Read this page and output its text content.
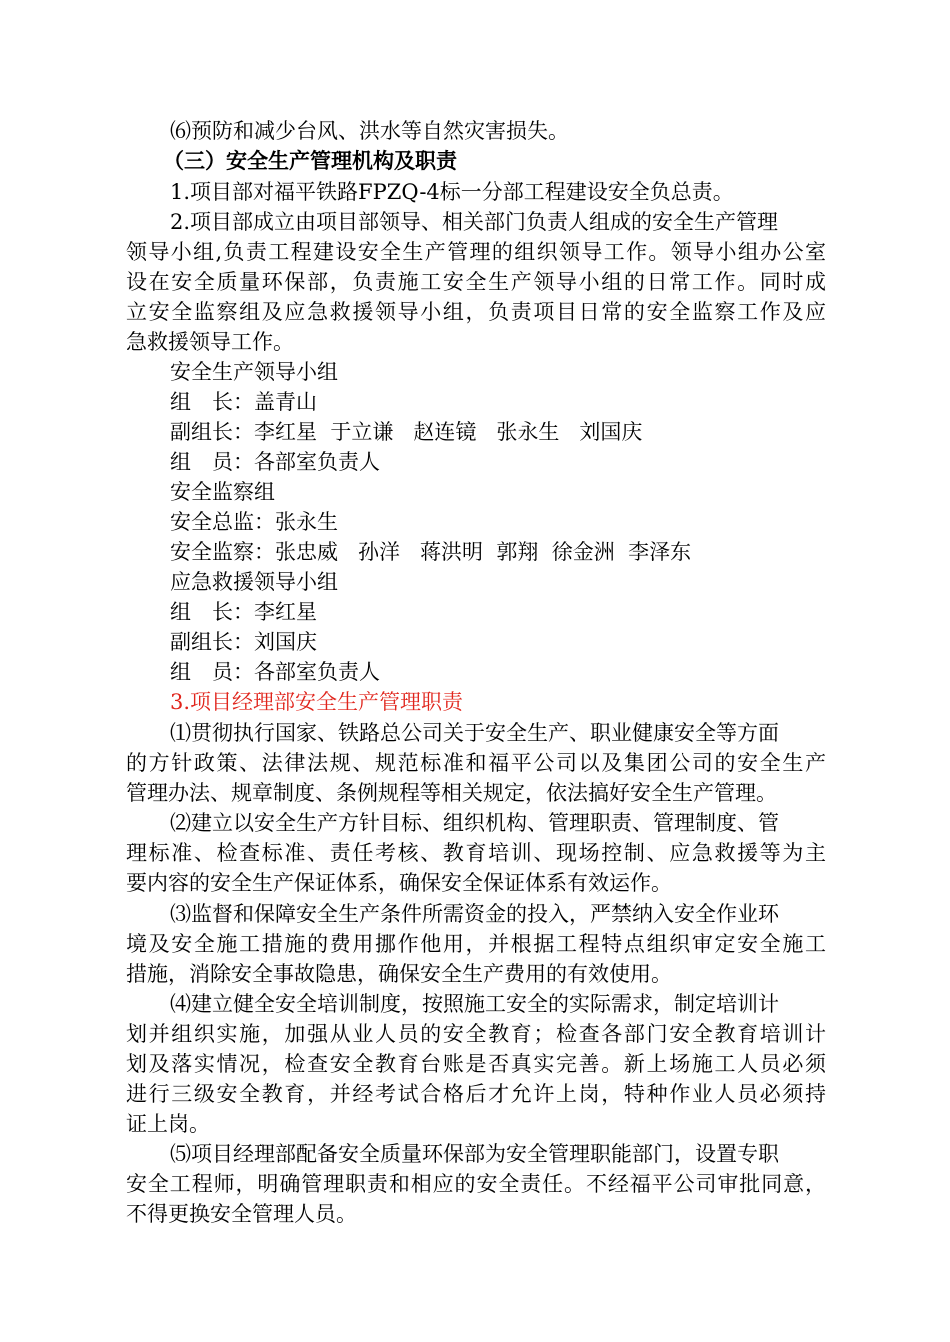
⑹预防和减少台风、洪水等自然灾害损失。
（三）安全生产管理机构及职责
1.项目部对福平铁路FPZQ-4标一分部工程建设安全负总责。
2.项目部成立由项目部领导、相关部门负责人组成的安全生产管理
领导小组,负责工程建设安全生产管理的组织领导工作。领导小组办公室
设在安全质量环保部，负责施工安全生产领导小组的日常工作。同时成
立安全监察组及应急救援领导小组，负责项目日常的安全监察工作及应
急救援领导工作。
安全生产领导小组
组　长：盖青山
副组长：李红星  于立谦   赵连镜   张永生   刘国庆
组　员：各部室负责人
安全监察组
安全总监：张永生
安全监察：张忠威   孙洋   蒋洪明  郭翔  徐金洲  李泽东
应急救援领导小组
组　长：李红星
副组长：刘国庆
组　员：各部室负责人
3.项目经理部安全生产管理职责
⑴贯彻执行国家、铁路总公司关于安全生产、职业健康安全等方面
的方针政策、法律法规、规范标准和福平公司以及集团公司的安全生产
管理办法、规章制度、条例规程等相关规定，依法搞好安全生产管理。
⑵建立以安全生产方针目标、组织机构、管理职责、管理制度、管
理标准、检查标准、责任考核、教育培训、现场控制、应急救援等为主
要内容的安全生产保证体系，确保安全保证体系有效运作。
⑶监督和保障安全生产条件所需资金的投入，严禁纳入安全作业环
境及安全施工措施的费用挪作他用，并根据工程特点组织审定安全施工
措施，消除安全事故隐患，确保安全生产费用的有效使用。
⑷建立健全安全培训制度，按照施工安全的实际需求，制定培训计
划并组织实施，加强从业人员的安全教育；检查各部门安全教育培训计
划及落实情况，检查安全教育台账是否真实完善。新上场施工人员必须
进行三级安全教育，并经考试合格后才允许上岗，特种作业人员必须持
证上岗。
⑸项目经理部配备安全质量环保部为安全管理职能部门，设置专职
安全工程师，明确管理职责和相应的安全责任。不经福平公司审批同意，
不得更换安全管理人员。
